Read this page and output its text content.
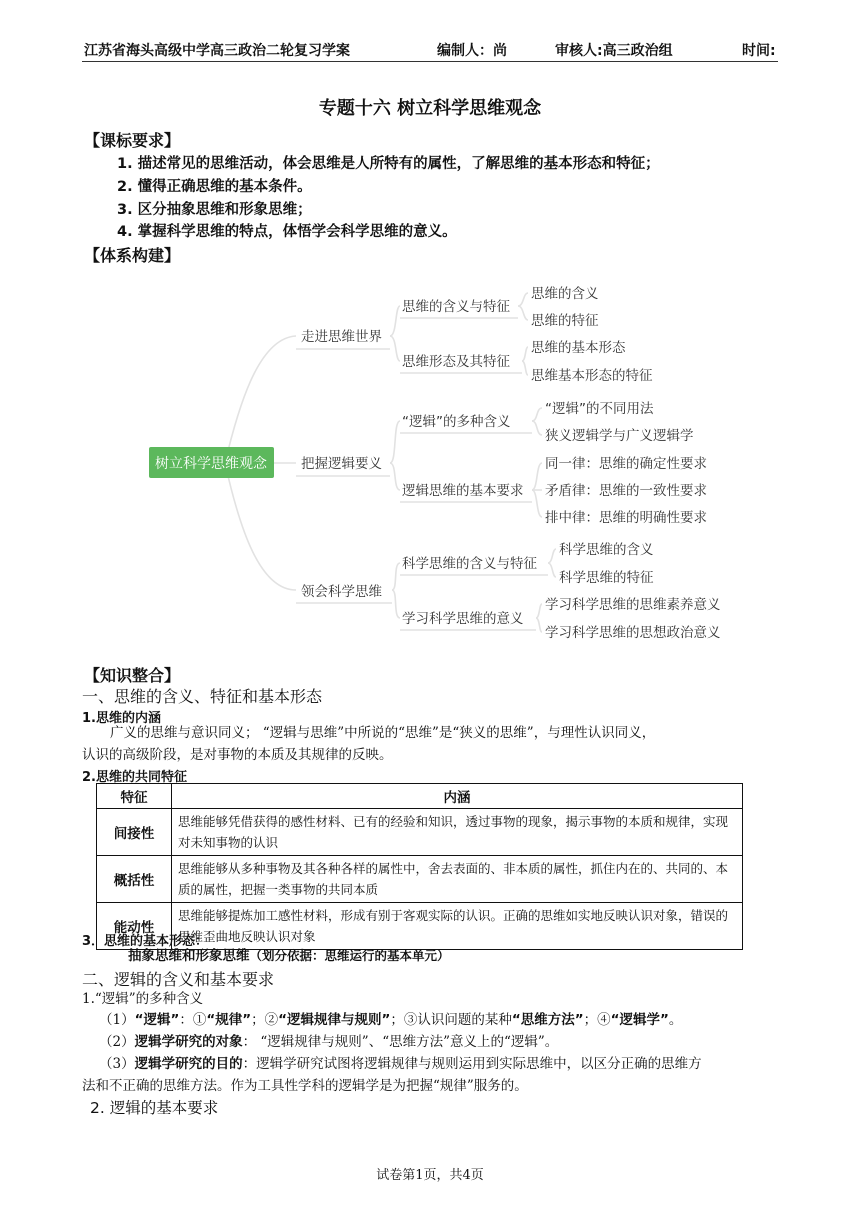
江苏省海头高级中学高三政治二轮复习学案	编制人：尚	审核人:高三政治组	时间:
专题十六 树立科学思维观念
【课标要求】
1. 描述常见的思维活动，体会思维是人所特有的属性，了解思维的基本形态和特征；
2. 懂得正确思维的基本条件。
3. 区分抽象思维和形象思维；
4. 掌握科学思维的特点，体悟学会科学思维的意义。
【体系构建】
树立科学思维观念
走进思维世界
把握逻辑要义
领会科学思维
思维的含义与特征
思维形态及其特征
“逻辑”的多种含义
逻辑思维的基本要求
科学思维的含义与特征
学习科学思维的意义
思维的含义
思维的特征
思维的基本形态
思维基本形态的特征
“逻辑”的不同用法
狭义逻辑学与广义逻辑学
同一律：思维的确定性要求
矛盾律：思维的一致性要求
排中律：思维的明确性要求
科学思维的含义
科学思维的特征
学习科学思维的思维素养意义
学习科学思维的思想政治意义
【知识整合】
一、思维的含义、特征和基本形态
1.思维的内涵
广义的思维与意识同义； “逻辑与思维”中所说的“思维”是“狭义的思维”，与理性认识同义，
认识的高级阶段，是对事物的本质及其规律的反映。
2.思维的共同特征
特征	内涵
间接性	思维能够凭借获得的感性材料、已有的经验和知识，透过事物的现象，揭示事物的本质和规律，实现对未知事物的认识
概括性	思维能够从多种事物及其各种各样的属性中，舍去表面的、非本质的属性，抓住内在的、共同的、本质的属性，把握一类事物的共同本质
能动性	思维能够提炼加工感性材料，形成有别于客观实际的认识。正确的思维如实地反映认识对象，错误的思维歪曲地反映认识对象
3．思维的基本形态：
抽象思维和形象思维（划分依据：思维运行的基本单元）
二、逻辑的含义和基本要求
1.“逻辑”的多种含义
（1）“逻辑”：①“规律”；②“逻辑规律与规则”；③认识问题的某种“思维方法”；④“逻辑学”。
（2）逻辑学研究的对象： “逻辑规律与规则”、“思维方法”意义上的“逻辑”。
（3）逻辑学研究的目的：逻辑学研究试图将逻辑规律与规则运用到实际思维中，以区分正确的思维方
法和不正确的思维方法。作为工具性学科的逻辑学是为把握“规律”服务的。
2. 逻辑的基本要求
试卷第1页，共4页
